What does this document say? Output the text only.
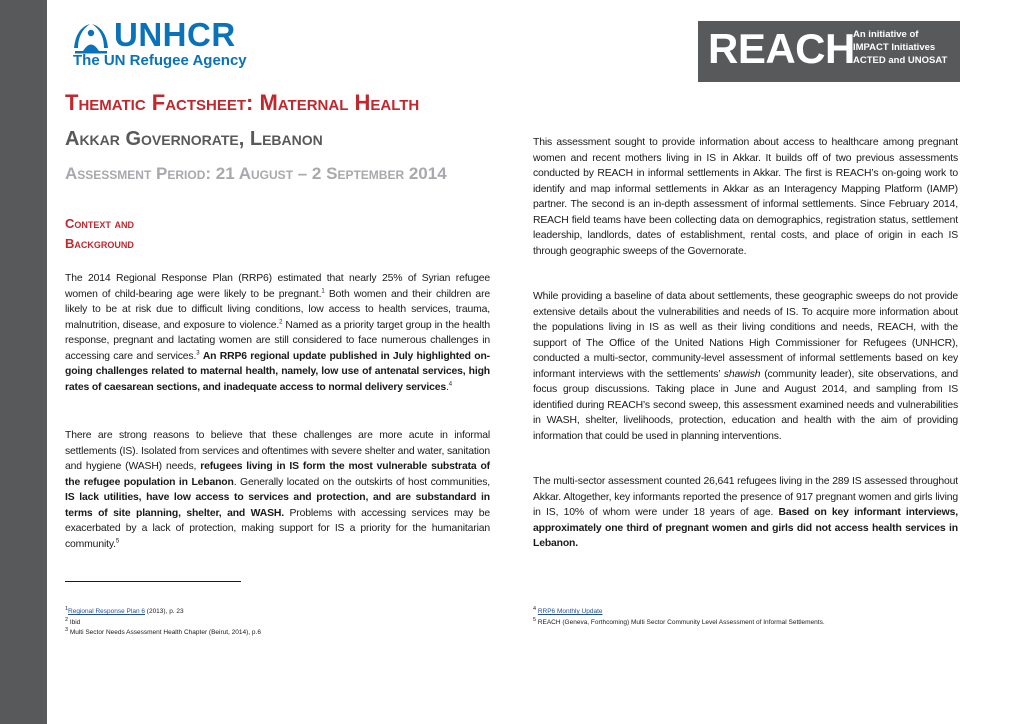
UNHCR
The UN Refugee Agency	REACH
An initiative of
IMPACT Initiatives
ACTED and UNOSAT
Thematic Factsheet: Maternal Health
Akkar Governorate, Lebanon
Assessment Period: 21 August – 2 September 2014
Context and
Background

The 2014 Regional Response Plan (RRP6) estimated that nearly 25% of Syrian refugee women of child-bearing age were likely to be pregnant.$^1$ Both women and their children are likely to be at risk due to difficult living conditions, low access to health services, trauma, malnutrition, disease, and exposure to violence.$^2$ Named as a priority target group in the health response, pregnant and lactating women are still considered to face numerous challenges in accessing care and services.$^3$ An RRP6 regional update published in July highlighted on-going challenges related to maternal health, namely, low use of antenatal services, high rates of caesarean sections, and inadequate access to normal delivery services.$^4$

There are strong reasons to believe that these challenges are more acute in informal settlements (IS). Isolated from services and oftentimes with severe shelter and water, sanitation and hygiene (WASH) needs, refugees living in IS form the most vulnerable substrata of the refugee population in Lebanon. Generally located on the outskirts of host communities, IS lack utilities, have low access to services and protection, and are substandard in terms of site planning, shelter, and WASH. Problems with accessing services may be exacerbated by a lack of protection, making support for IS a priority for the humanitarian community.$^5$

This assessment sought to provide information about access to healthcare among pregnant women and recent mothers living in IS in Akkar. It builds off of two previous assessments conducted by REACH in informal settlements in Akkar. The first is REACH’s on-going work to identify and map informal settlements in Akkar as an Interagency Mapping Platform (IAMP) partner. The second is an in-depth assessment of informal settlements. Since February 2014, REACH field teams have been collecting data on demographics, registration status, settlement leadership, landlords, dates of establishment, rental costs, and place of origin in each IS through geographic sweeps of the Governorate.

While providing a baseline of data about settlements, these geographic sweeps do not provide extensive details about the vulnerabilities and needs of IS. To acquire more information about the populations living in IS as well as their living conditions and needs, REACH, with the support of The Office of the United Nations High Commissioner for Refugees (UNHCR), conducted a multi-sector, community-level assessment of informal settlements based on key informant interviews with the settlements’ shawish (community leader), site observations, and focus group discussions. Taking place in June and August 2014, and sampling from IS identified during REACH’s second sweep, this assessment examined needs and vulnerabilities in WASH, shelter, livelihoods, protection, education and health with the aim of providing information that could be used in planning interventions.

The multi-sector assessment counted 26,641 refugees living in the 289 IS assessed throughout Akkar. Altogether, key informants reported the presence of 917 pregnant women and girls living in IS, 10% of whom were under 18 years of age. Based on key informant interviews, approximately one third of pregnant women and girls did not access health services in Lebanon.

$^1$Regional Response Plan 6 (2013), p. 23
$^2$ Ibid
$^3$ Multi Sector Needs Assessment Health Chapter (Beirut, 2014), p.6
$^4$ RRP6 Monthly Update
$^5$ REACH (Geneva, Forthcoming) Multi Sector Community Level Assessment of Informal Settlements.
